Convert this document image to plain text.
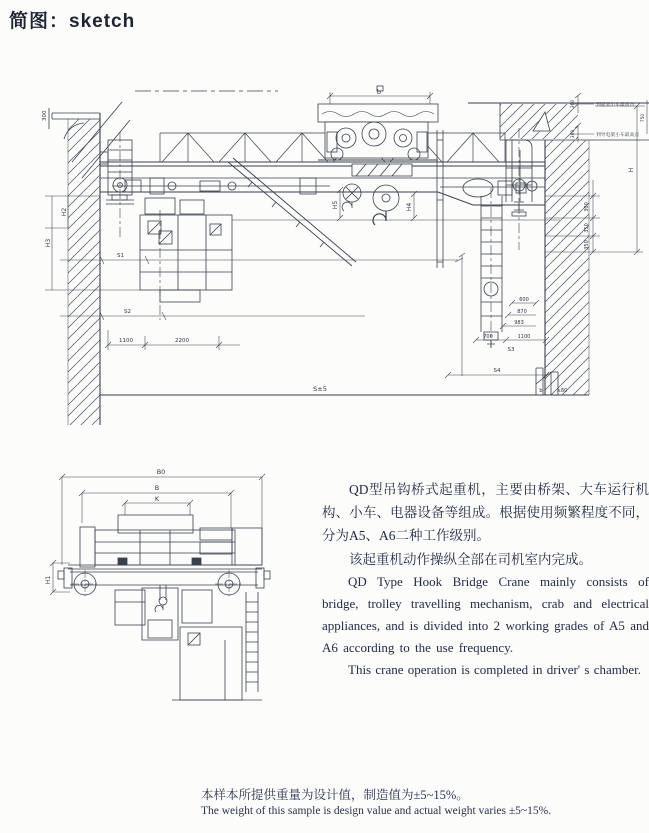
简图：sketch
300
H2
H3
S1
S2
1100	2200
b
H5	H4
S±5	b	≥80
600
870
983
700	1100
S3
S4
H
300
350
350
300
300
750
到屋架小车最高点
到导电架小车最高点
B0
B
K
H1

QD型吊钩桥式起重机，主要由桥架、大车运行机构、小车、电器设备等组成。根据使用频繁程度不同，分为A5、A6二种工作级别。

该起重机动作操纵全部在司机室内完成。

QD Type Hook Bridge Crane mainly consists of bridge, trolley travelling mechanism, crab and electrical appliances, and is divided into 2 working grades of A5 and A6 according to the use frequency.

This crane operation is completed in driver' s chamber.

本样本所提供重量为设计值，制造值为±5~15%。

The weight of this sample is design value and actual weight varies ±5~15%.
